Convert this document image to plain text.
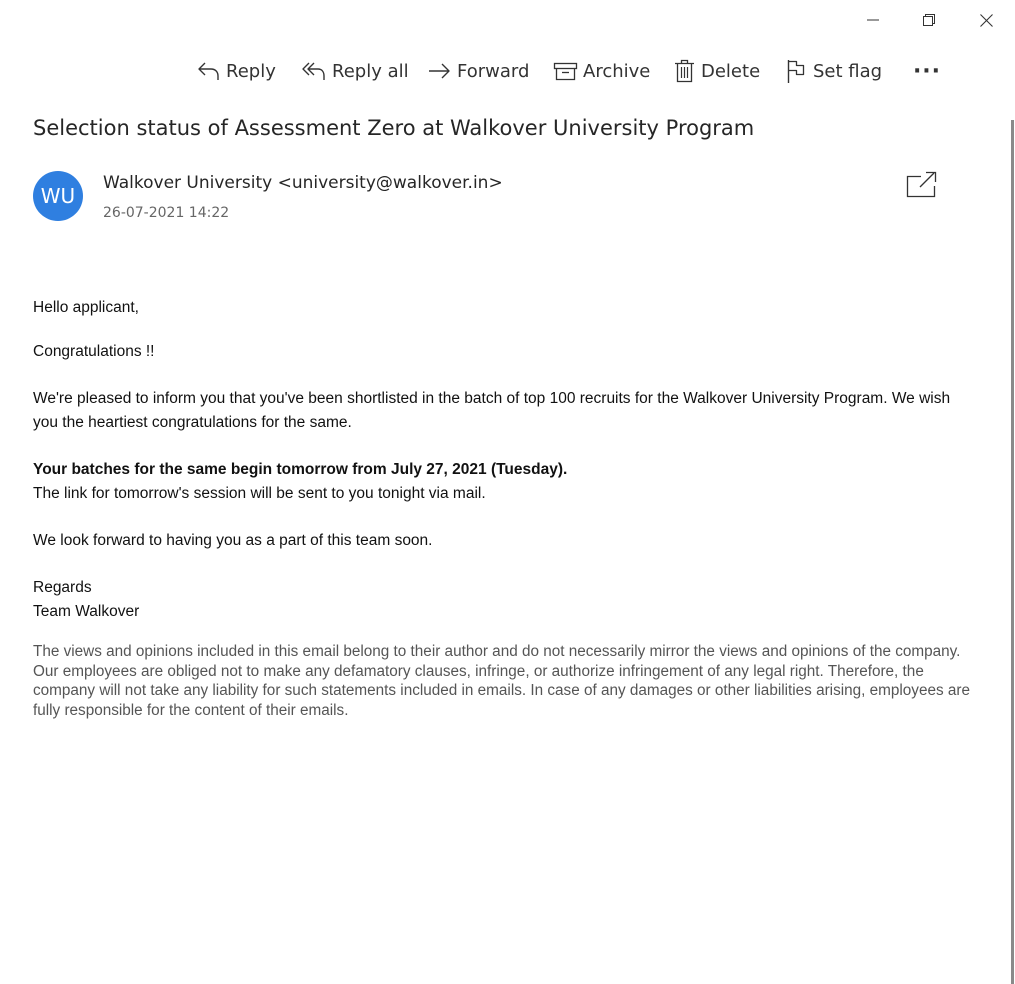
Reply	Reply all	Forward	Archive	Delete	Set flag ···
Selection status of Assessment Zero at Walkover University Program
WU
Walkover University <university@walkover.in>
26-07-2021 14:22

Hello applicant,

Congratulations !!

We're pleased to inform you that you've been shortlisted in the batch of top 100 recruits for the Walkover University Program. We wish you the heartiest congratulations for the same.

Your batches for the same begin tomorrow from July 27, 2021 (Tuesday).

The link for tomorrow's session will be sent to you tonight via mail.

We look forward to having you as a part of this team soon.

Regards

Team Walkover

The views and opinions included in this email belong to their author and do not necessarily mirror the views and opinions of the company. Our employees are obliged not to make any defamatory clauses, infringe, or authorize infringement of any legal right. Therefore, the company will not take any liability for such statements included in emails. In case of any damages or other liabilities arising, employees are fully responsible for the content of their emails.
